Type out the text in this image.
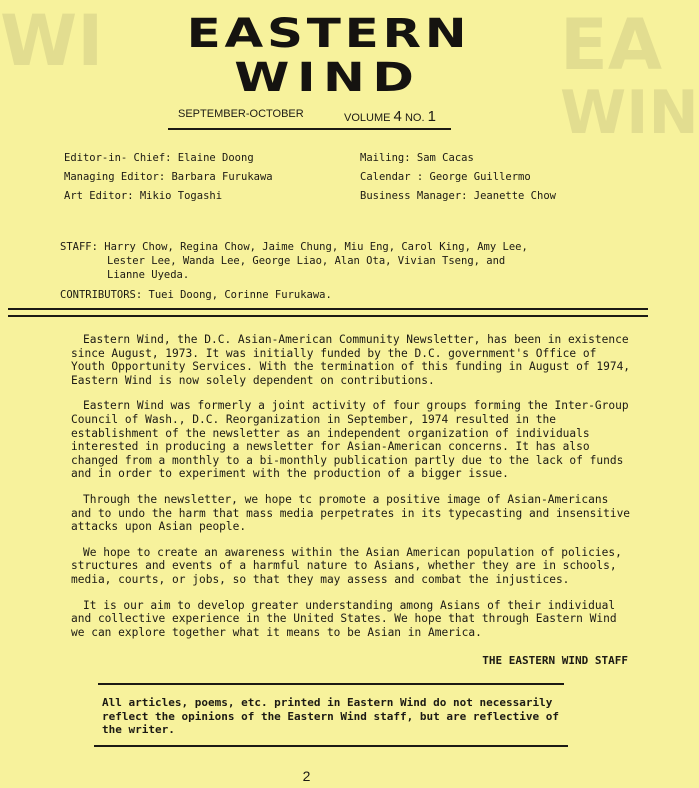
EA
WI
WIN
EASTERN
WIND
SEPTEMBER-OCTOBER	VOLUME 4 NO. 1
Editor-in- Chief: Elaine Doong
Managing Editor: Barbara Furukawa
Art Editor: Mikio Togashi
Mailing: Sam Cacas
Calendar : George Guillermo
Business Manager: Jeanette Chow
STAFF: Harry Chow, Regina Chow, Jaime Chung, Miu Eng, Carol King, Amy Lee,
Lester Lee, Wanda Lee, George Liao, Alan Ota, Vivian Tseng, and
Lianne Uyeda.
CONTRIBUTORS: Tuei Doong, Corinne Furukawa.

Eastern Wind, the D.C. Asian-American Community Newsletter, has been in existence since August, 1973. It was initially funded by the D.C. government's Office of Youth Opportunity Services. With the termination of this funding in August of 1974, Eastern Wind is now solely dependent on contributions.

Eastern Wind was formerly a joint activity of four groups forming the Inter-Group Council of Wash., D.C. Reorganization in September, 1974 resulted in the establishment of the newsletter as an independent organization of individuals interested in producing a newsletter for Asian-American concerns. It has also changed from a monthly to a bi-monthly publication partly due to the lack of funds and in order to experiment with the production of a bigger issue.

Through the newsletter, we hope tc promote a positive image of Asian-Americans and to undo the harm that mass media perpetrates in its typecasting and insensitive attacks upon Asian people.

We hope to create an awareness within the Asian American population of policies, structures and events of a harmful nature to Asians, whether they are in schools, media, courts, or jobs, so that they may assess and combat the injustices.

It is our aim to develop greater understanding among Asians of their individual and collective experience in the United States. We hope that through Eastern Wind we can explore together what it means to be Asian in America.

THE EASTERN WIND STAFF
All articles, poems, etc. printed in Eastern Wind do not necessarily reflect the opinions of the Eastern Wind staff, but are reflective of the writer.
2
